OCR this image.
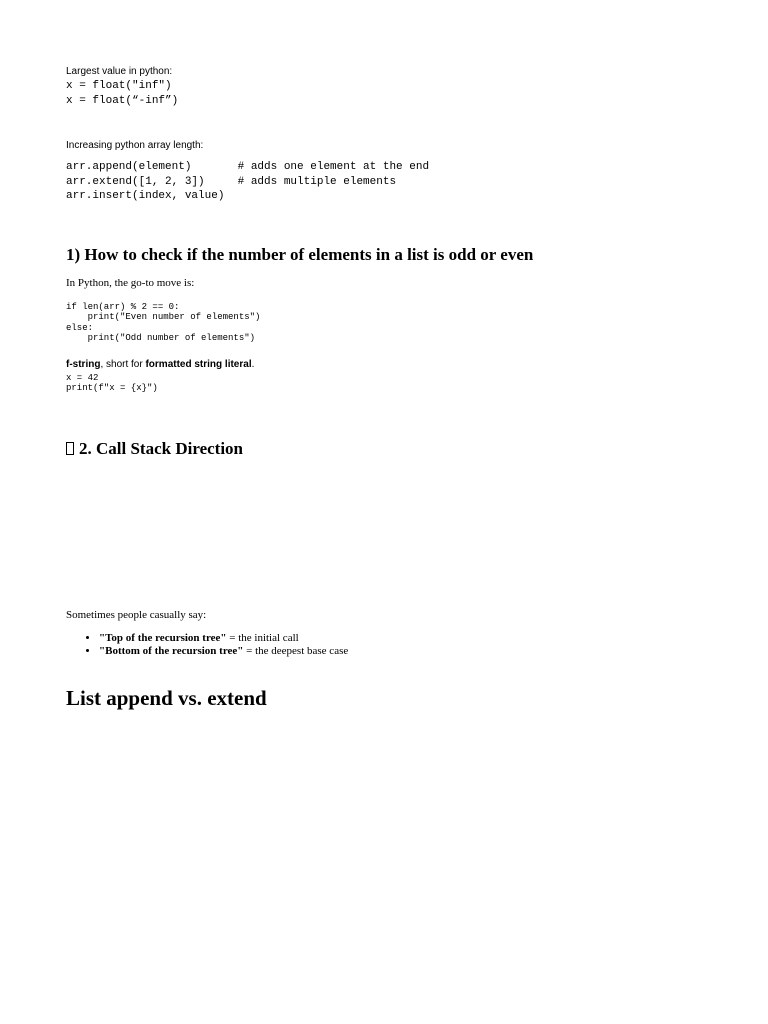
Largest value in python:

x = float("inf")
x = float(“-inf”)

Increasing python array length:

arr.append(element)       # adds one element at the end
arr.extend([1, 2, 3])     # adds multiple elements
arr.insert(index, value)
1) How to check if the number of elements in a list is odd or even

In Python, the go-to move is:

if len(arr) % 2 == 0:
print("Even number of elements")
else:
print("Odd number of elements")

f-string, short for formatted string literal.

x = 42
print(f"x = {x}")
2. Call Stack Direction

Sometimes people casually say:

• "Top of the recursion tree" = the initial call
• "Bottom of the recursion tree" = the deepest base case
List append vs. extend
